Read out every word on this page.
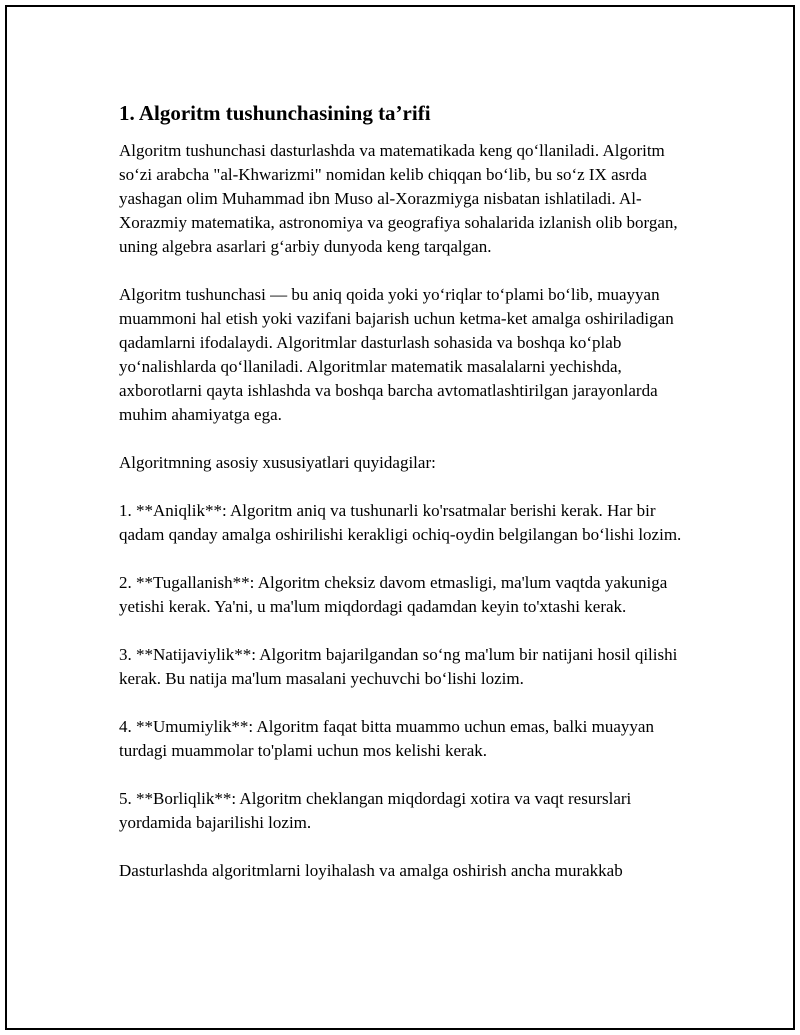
1. Algoritm tushunchasining ta’rifi

Algoritm tushunchasi dasturlashda va matematikada keng qo‘llaniladi. Algoritm so‘zi arabcha "al-Khwarizmi" nomidan kelib chiqqan bo‘lib, bu so‘z IX asrda yashagan olim Muhammad ibn Muso al-Xorazmiyga nisbatan ishlatiladi. Al-Xorazmiy matematika, astronomiya va geografiya sohalarida izlanish olib borgan, uning algebra asarlari g‘arbiy dunyoda keng tarqalgan.

Algoritm tushunchasi — bu aniq qoida yoki yo‘riqlar to‘plami bo‘lib, muayyan muammoni hal etish yoki vazifani bajarish uchun ketma-ket amalga oshiriladigan qadamlarni ifodalaydi. Algoritmlar dasturlash sohasida va boshqa ko‘plab yo‘nalishlarda qo‘llaniladi. Algoritmlar matematik masalalarni yechishda, axborotlarni qayta ishlashda va boshqa barcha avtomatlashtirilgan jarayonlarda muhim ahamiyatga ega.

Algoritmning asosiy xususiyatlari quyidagilar:

1. **Aniqlik**: Algoritm aniq va tushunarli ko'rsatmalar berishi kerak. Har bir qadam qanday amalga oshirilishi kerakligi ochiq-oydin belgilangan bo‘lishi lozim.

2. **Tugallanish**: Algoritm cheksiz davom etmasligi, ma'lum vaqtda yakuniga yetishi kerak. Ya'ni, u ma'lum miqdordagi qadamdan keyin to'xtashi kerak.

3. **Natijaviylik**: Algoritm bajarilgandan so‘ng ma'lum bir natijani hosil qilishi kerak. Bu natija ma'lum masalani yechuvchi bo‘lishi lozim.

4. **Umumiylik**: Algoritm faqat bitta muammo uchun emas, balki muayyan turdagi muammolar to'plami uchun mos kelishi kerak.

5. **Borliqlik**: Algoritm cheklangan miqdordagi xotira va vaqt resurslari yordamida bajarilishi lozim.

Dasturlashda algoritmlarni loyihalash va amalga oshirish ancha murakkab
